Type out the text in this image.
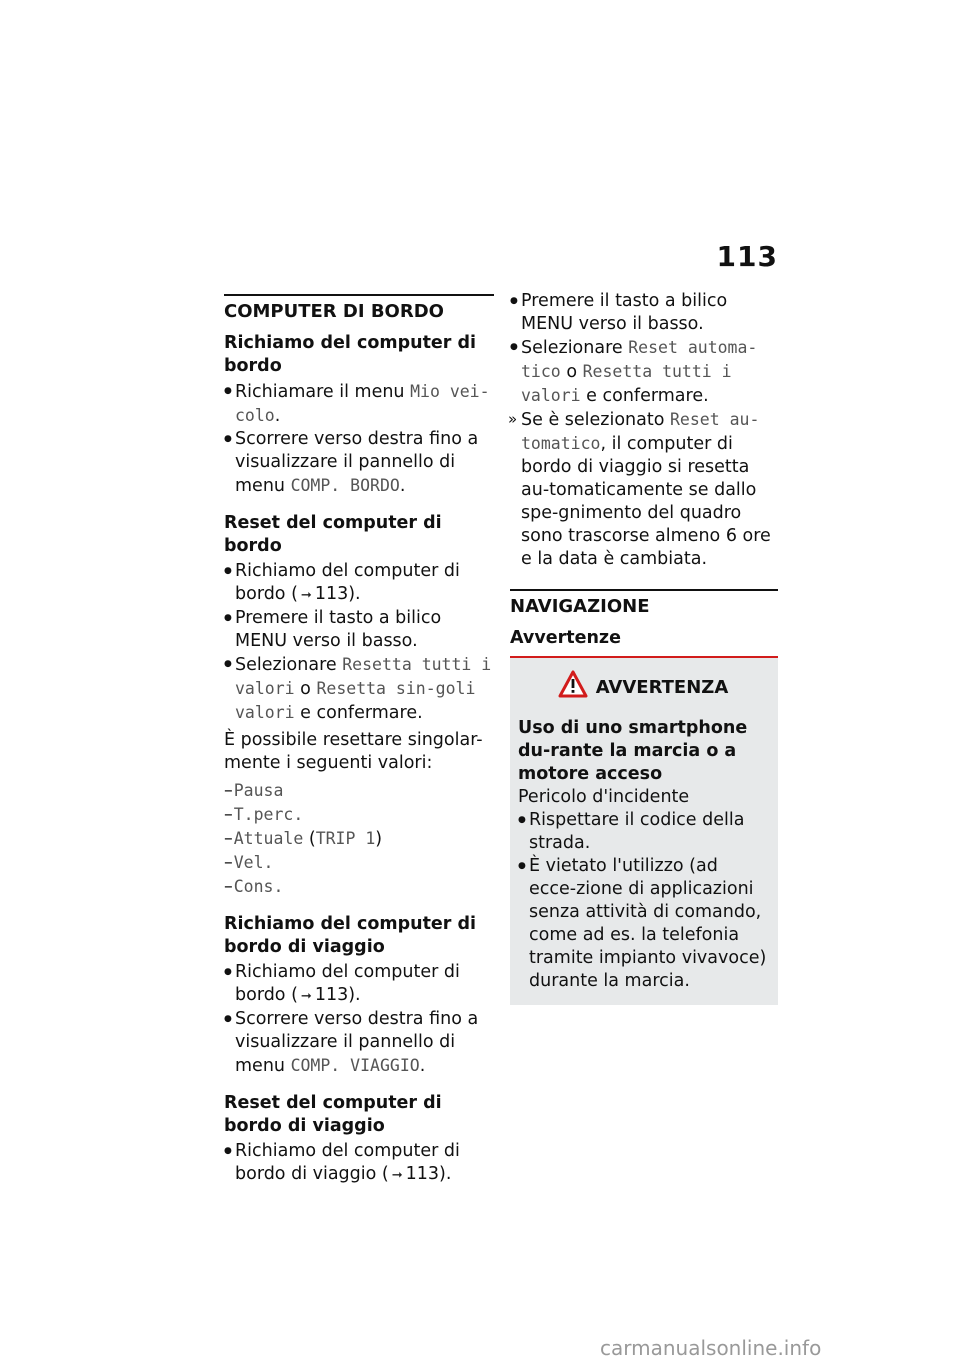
113
COMPUTER DI BORDO
Richiamo del computer di bordo
● Richiamare il menu Mio vei-colo.
● Scorrere verso destra fino a visualizzare il pannello di menu COMP. BORDO.
Reset del computer di bordo
● Richiamo del computer di bordo ( ➞ 113).
● Premere il tasto a bilico MENU verso il basso.
● Selezionare Resetta tutti i valori o Resetta sin-goli valori e confermare.

È possibile resettare singolar-mente i seguenti valori:

– Pausa
– T.perc.
– Attuale (TRIP 1)
– Vel.
– Cons.
Richiamo del computer di bordo di viaggio
● Richiamo del computer di bordo ( ➞ 113).
● Scorrere verso destra fino a visualizzare il pannello di menu COMP. VIAGGIO.
Reset del computer di bordo di viaggio
● Richiamo del computer di bordo di viaggio ( ➞ 113).
● Premere il tasto a bilico MENU verso il basso.
● Selezionare Reset automa-tico o Resetta tutti i valori e confermare.
» Se è selezionato Reset au-tomatico, il computer di bordo di viaggio si resetta au-tomaticamente se dallo spe-gnimento del quadro sono trascorse almeno 6 ore e la data è cambiata.
NAVIGAZIONE
Avvertenze
AVVERTENZA
Uso di uno smartphone du-rante la marcia o a motore acceso
Pericolo d'incidente
● Rispettare il codice della strada.
● È vietato l'utilizzo (ad ecce-zione di applicazioni senza attività di comando, come ad es. la telefonia tramite impianto vivavoce) durante la marcia.
carmanualsonline.info
